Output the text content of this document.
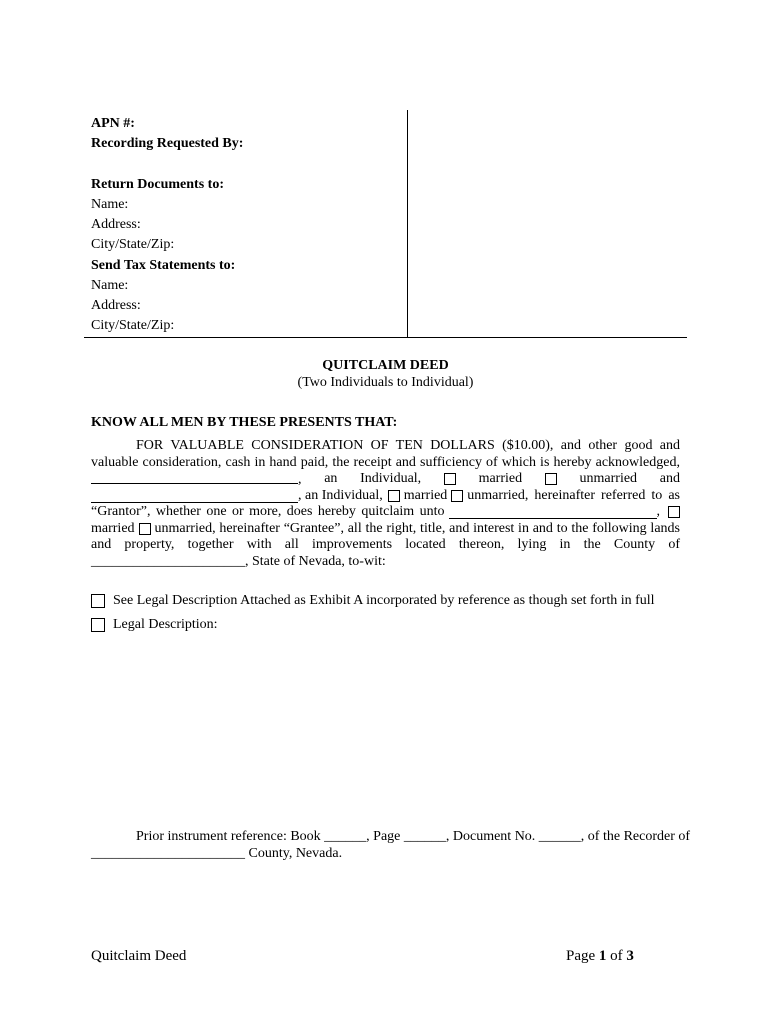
APN #:
Recording Requested By:
Return Documents to:
Name:
Address:
City/State/Zip:
Send Tax Statements to:
Name:
Address:
City/State/Zip:
QUITCLAIM DEED
(Two Individuals to Individual)
KNOW ALL MEN BY THESE PRESENTS THAT:
FOR VALUABLE CONSIDERATION OF TEN DOLLARS ($10.00), and other good and
valuable consideration, cash in hand paid, the receipt and sufficiency of which is hereby acknowledged,
, an Individual,	married	unmarried and
, an Individual, married unmarried, hereinafter referred to as
“Grantor”, whether one or more, does hereby quitclaim unto	,
married unmarried, hereinafter “Grantee”, all the right, title, and interest in and to the following lands
and property, together with all improvements located thereon, lying in the County of
______________________, State of Nevada, to-wit:
See Legal Description Attached as Exhibit A incorporated by reference as though set forth in full
Legal Description:
Prior instrument reference: Book ______, Page ______, Document No. ______, of the Recorder of
______________________ County, Nevada.
Quitclaim Deed	Page 1 of 3
